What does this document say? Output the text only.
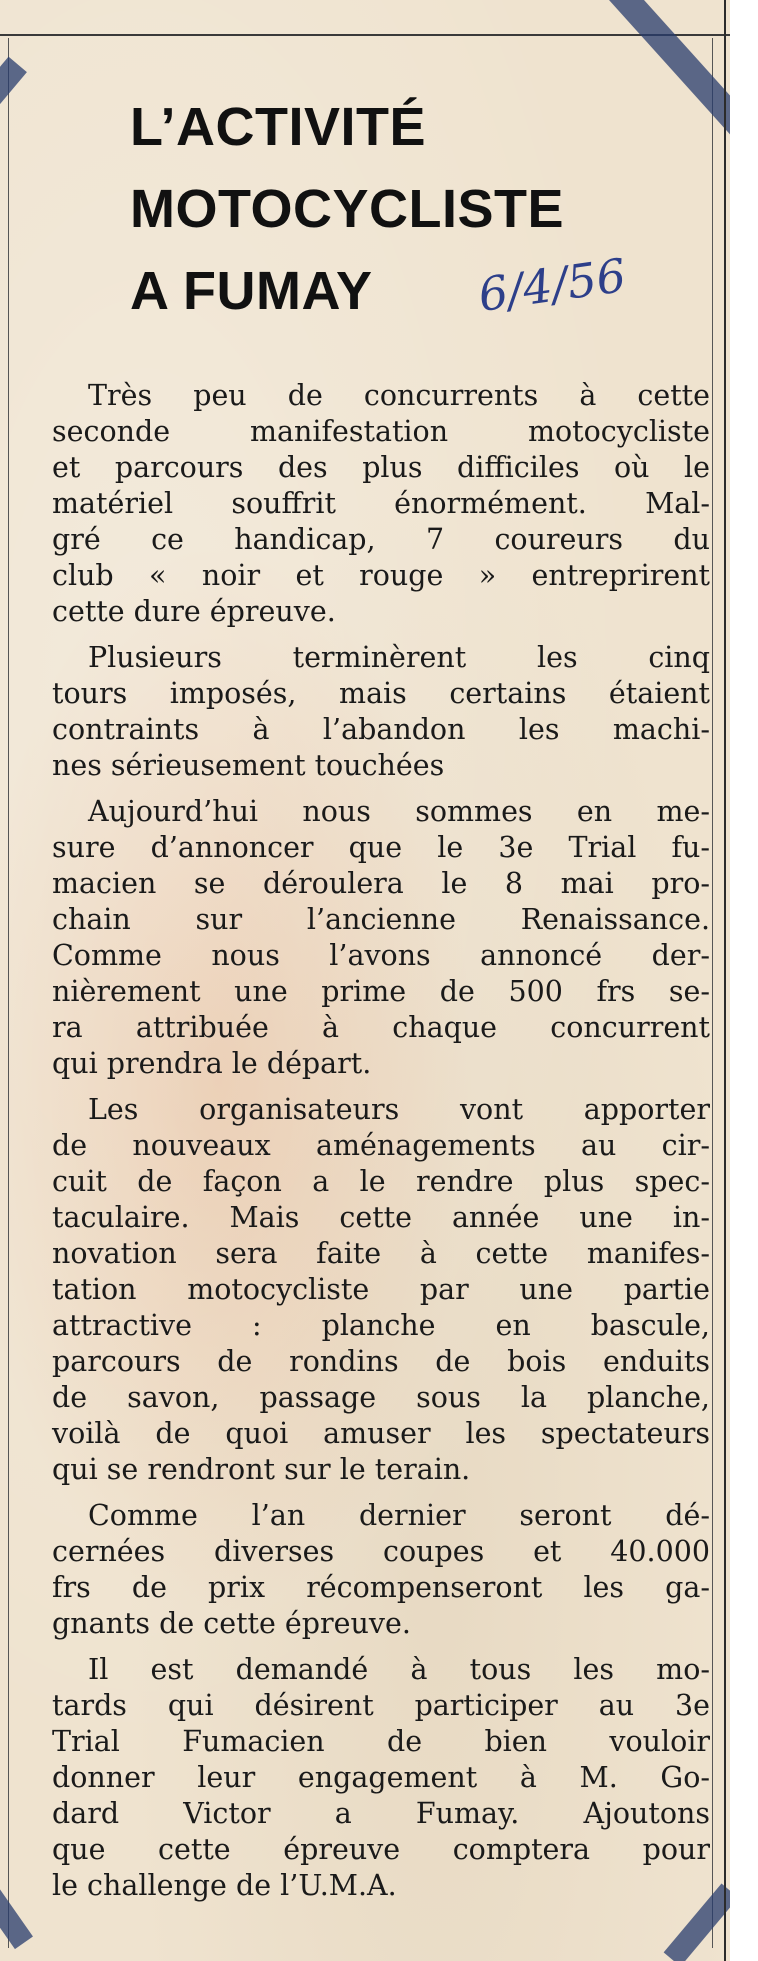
L’ACTIVITÉ
MOTOCYCLISTE
A FUMAY	6/4/56
Très peu de concurrents à cette
seconde manifestation motocycliste
et parcours des plus difficiles où le
matériel souffrit énormément. Mal-
gré ce handicap, 7 coureurs du
club « noir et rouge » entreprirent
cette dure épreuve.
Plusieurs terminèrent les cinq
tours imposés, mais certains étaient
contraints à l’abandon les machi-
nes sérieusement touchées
Aujourd’hui nous sommes en me-
sure d’annoncer que le 3e Trial fu-
macien se déroulera le 8 mai pro-
chain sur l’ancienne Renaissance.
Comme nous l’avons annoncé der-
nièrement une prime de 500 frs se-
ra attribuée à chaque concurrent
qui prendra le départ.
Les organisateurs vont apporter
de nouveaux aménagements au cir-
cuit de façon a le rendre plus spec-
taculaire. Mais cette année une in-
novation sera faite à cette manifes-
tation motocycliste par une partie
attractive : planche en bascule,
parcours de rondins de bois enduits
de savon, passage sous la planche,
voilà de quoi amuser les spectateurs
qui se rendront sur le terain.
Comme l’an dernier seront dé-
cernées diverses coupes et 40.000
frs de prix récompenseront les ga-
gnants de cette épreuve.
Il est demandé à tous les mo-
tards qui désirent participer au 3e
Trial Fumacien de bien vouloir
donner leur engagement à M. Go-
dard Victor a Fumay. Ajoutons
que cette épreuve comptera pour
le challenge de l’U.M.A.
